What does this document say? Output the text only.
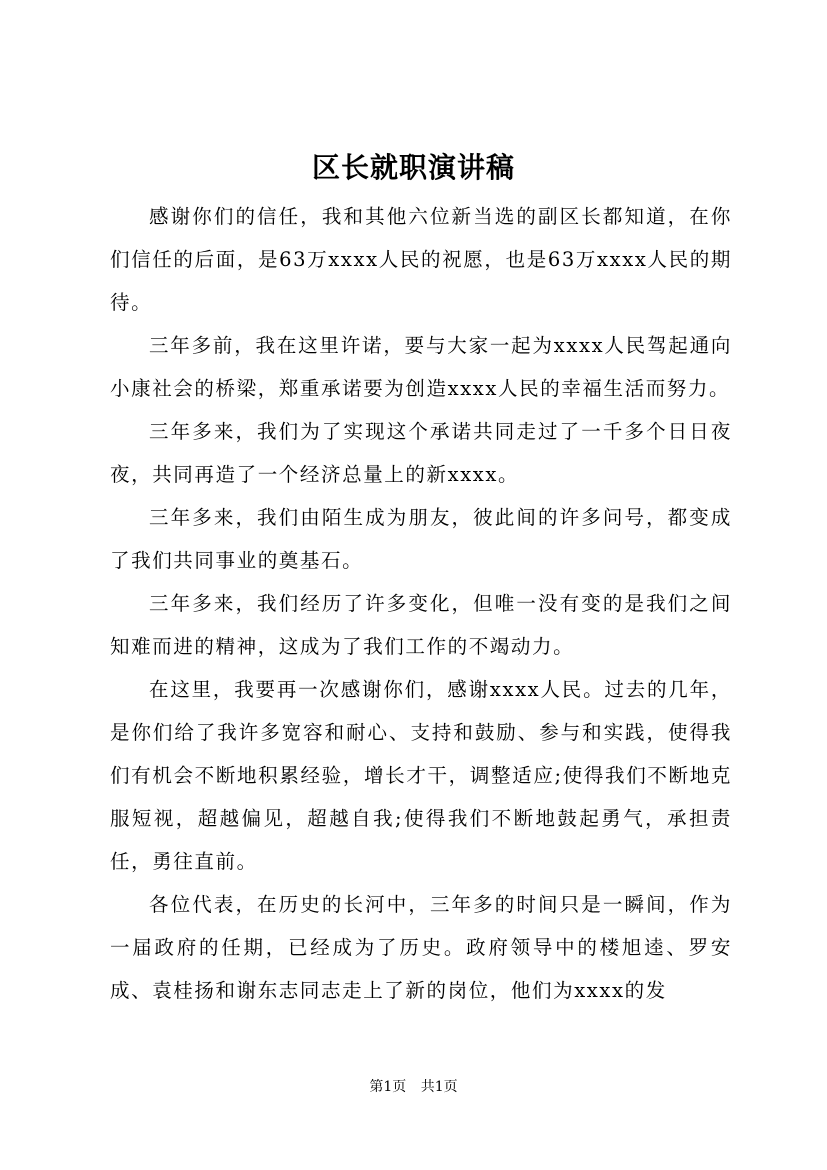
区长就职演讲稿

感谢你们的信任，我和其他六位新当选的副区长都知道，在你们信任的后面，是63万xxxx人民的祝愿，也是63万xxxx人民的期待。

三年多前，我在这里许诺，要与大家一起为xxxx人民驾起通向小康社会的桥梁，郑重承诺要为创造xxxx人民的幸福生活而努力。

三年多来，我们为了实现这个承诺共同走过了一千多个日日夜夜，共同再造了一个经济总量上的新xxxx。

三年多来，我们由陌生成为朋友，彼此间的许多问号，都变成了我们共同事业的奠基石。

三年多来，我们经历了许多变化，但唯一没有变的是我们之间知难而进的精神，这成为了我们工作的不竭动力。

在这里，我要再一次感谢你们，感谢xxxx人民。过去的几年，是你们给了我许多宽容和耐心、支持和鼓励、参与和实践，使得我们有机会不断地积累经验，增长才干，调整适应;使得我们不断地克服短视，超越偏见，超越自我;使得我们不断地鼓起勇气，承担责任，勇往直前。

各位代表，在历史的长河中，三年多的时间只是一瞬间，作为一届政府的任期，已经成为了历史。政府领导中的楼旭逵、罗安成、袁桂扬和谢东志同志走上了新的岗位，他们为xxxx的发

第1页 共1页
